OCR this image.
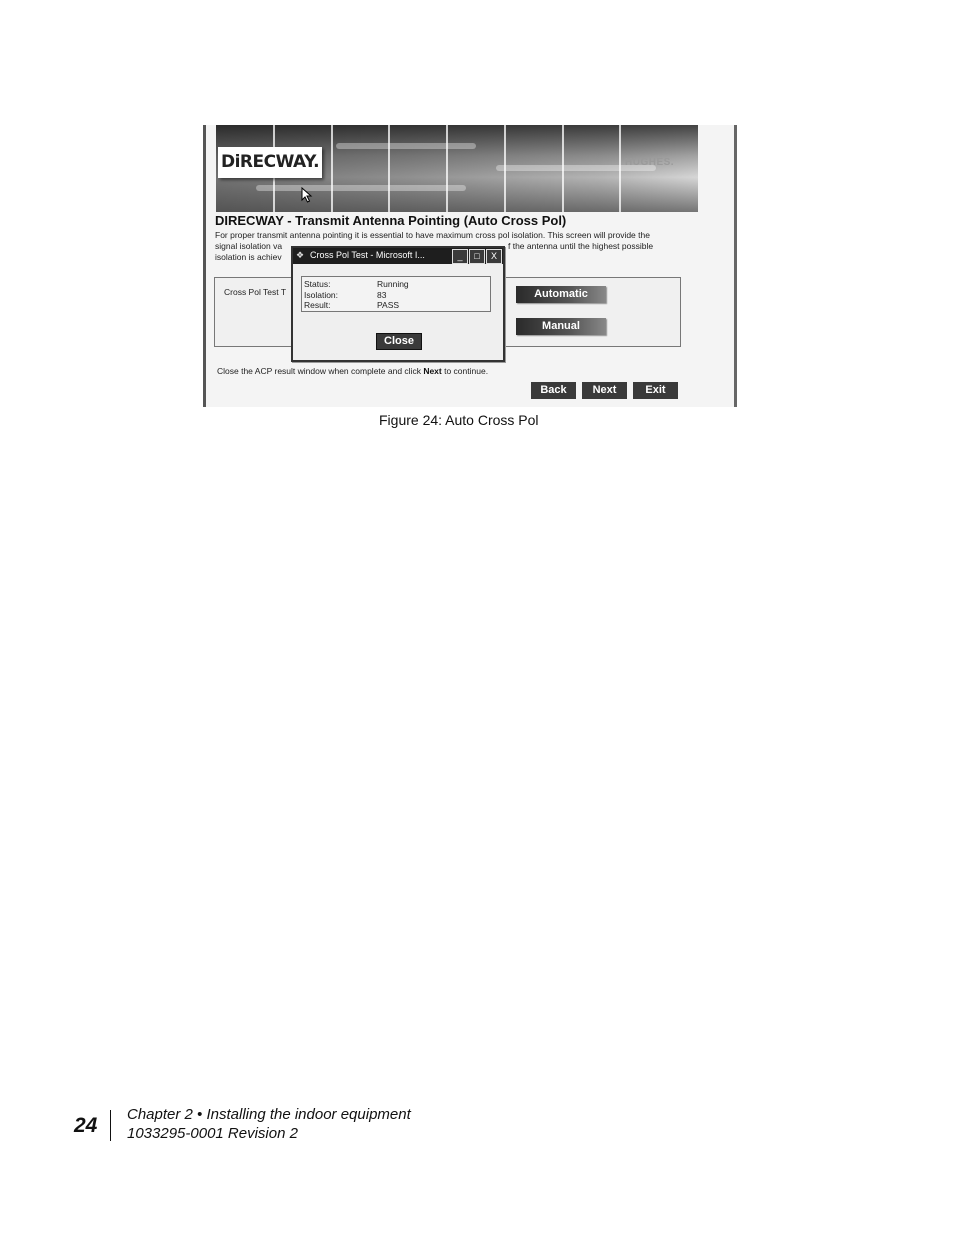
DiRECWAY.	HUGHES.
DIRECWAY - Transmit Antenna Pointing (Auto Cross Pol)
For proper transmit antenna pointing it is essential to have maximum cross pol isolation. This screen will provide the
signal isolation va	f the antenna until the highest possible
isolation is achiev
Cross Pol Test T	Automatic
Manual
Close the ACP result window when complete and click Next to continue.
Back	Next	Exit
❖ Cross Pol Test - Microsoft I...	_	□	X
Status:	Running
Isolation:	83
Result:	PASS
Close
Figure 24: Auto Cross Pol
24 Chapter 2 • Installing the indoor equipment
1033295-0001 Revision 2
